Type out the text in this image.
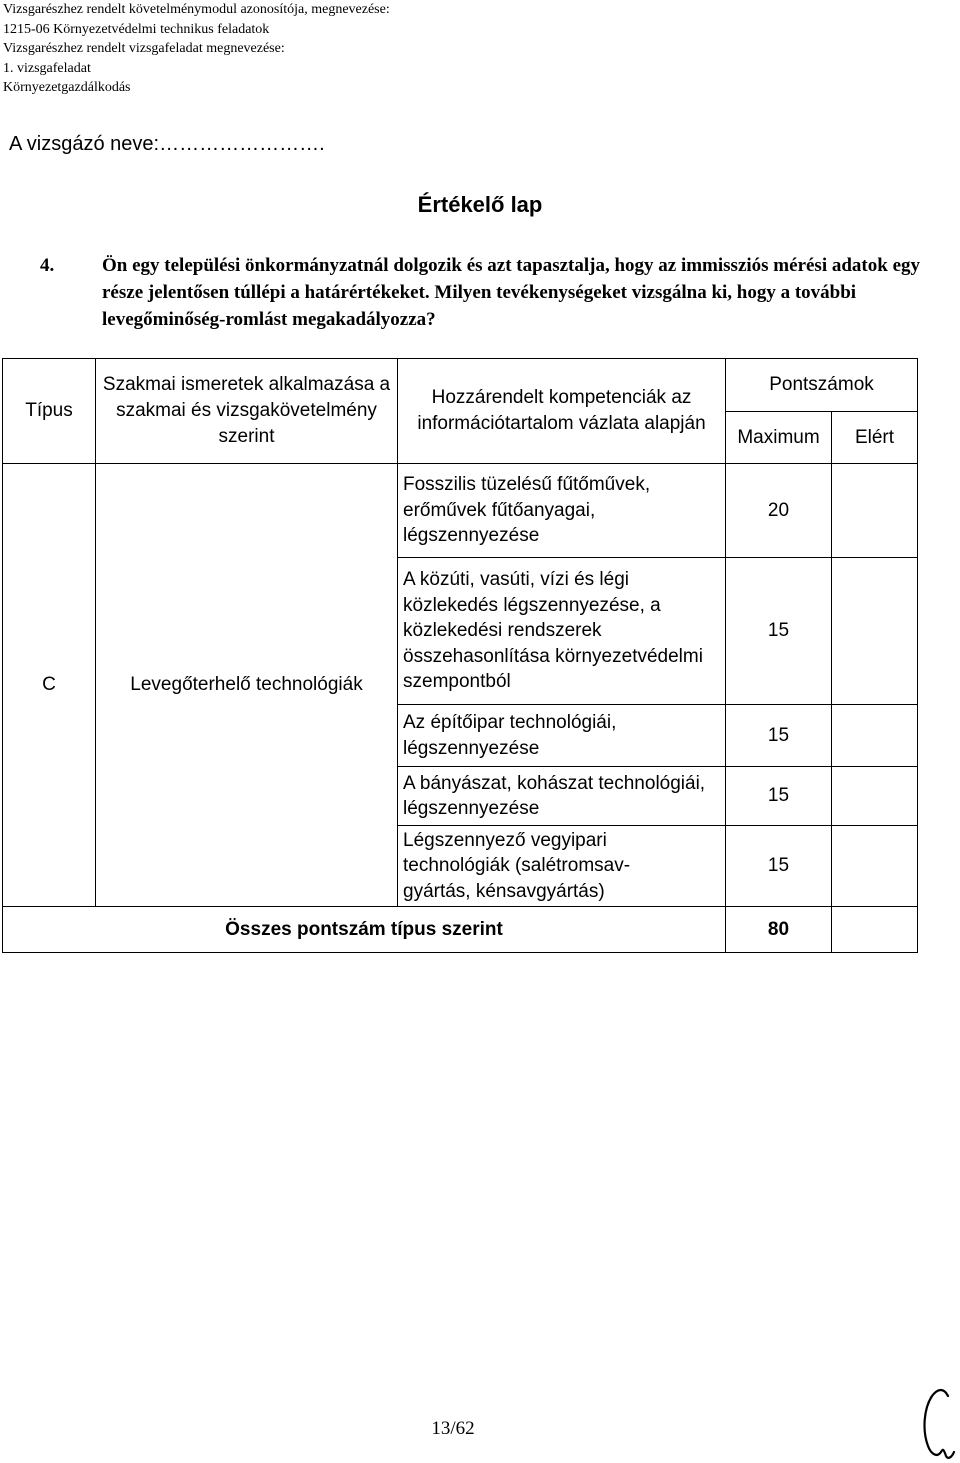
Vizsgarészhez rendelt követelménymodul azonosítója, megnevezése:
1215-06 Környezetvédelmi technikus feladatok
Vizsgarészhez rendelt vizsgafeladat megnevezése:
1. vizsgafeladat
Környezetgazdálkodás
A vizsgázó neve:…………………….
Értékelő lap
4.	Ön egy települési önkormányzatnál dolgozik és azt tapasztalja, hogy az immissziós mérési adatok egy része jelentősen túllépi a határértékeket. Milyen tevékenységeket vizsgálna ki, hogy a további levegőminőség-romlást megakadályozza?
Típus	Szakmai ismeretek alkalmazása a szakmai és vizsgakövetelmény szerint	Hozzárendelt kompetenciák az információtartalom vázlata alapján	Pontszámok	
			Maximum	Elért
C	Levegőterhelő technológiák	Fosszilis tüzelésű fűtőművek, erőművek fűtőanyagai, légszennyezése	20	
		A közúti, vasúti, vízi és légi közlekedés légszennyezése, a közlekedési rendszerek összehasonlítása környezetvédelmi szempontból	15	
		Az építőipar technológiái, légszennyezése	15	
		A bányászat, kohászat technológiái, légszennyezése	15	
		Légszennyező vegyipari technológiák (salétromsav-gyártás, kénsavgyártás)	15	
Összes pontszám típus szerint			80	
13/62
